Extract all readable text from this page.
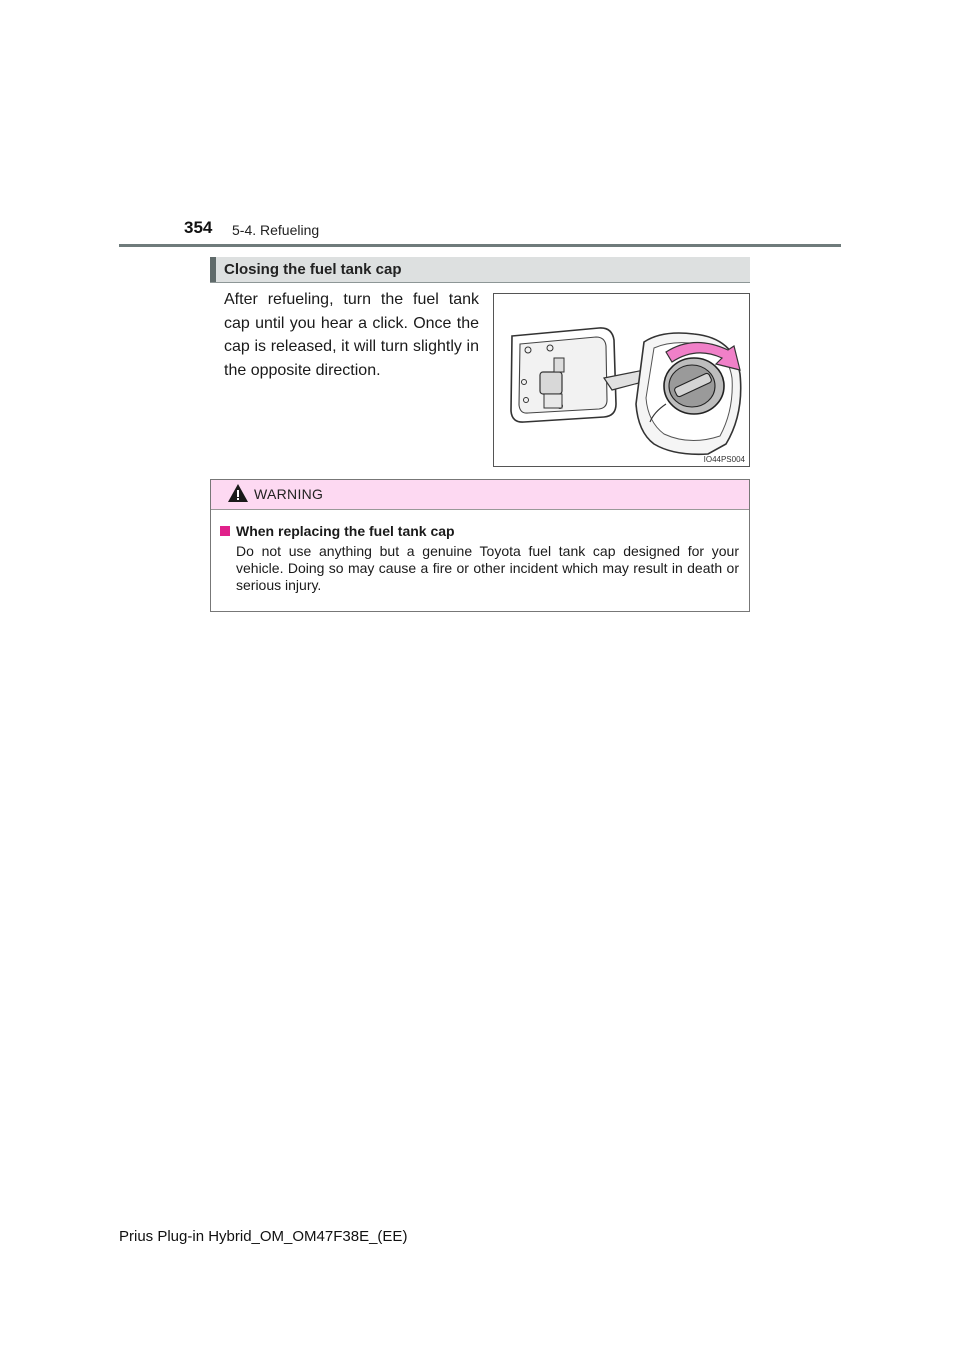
354 5-4. Refueling
Closing the fuel tank cap
After refueling, turn the fuel tank cap until you hear a click. Once the cap is released, it will turn slightly in the opposite direction.
IO44PS004
WARNING
When replacing the fuel tank cap
Do not use anything but a genuine Toyota fuel tank cap designed for your vehicle. Doing so may cause a fire or other incident which may result in death or serious injury.
Prius Plug-in Hybrid_OM_OM47F38E_(EE)
